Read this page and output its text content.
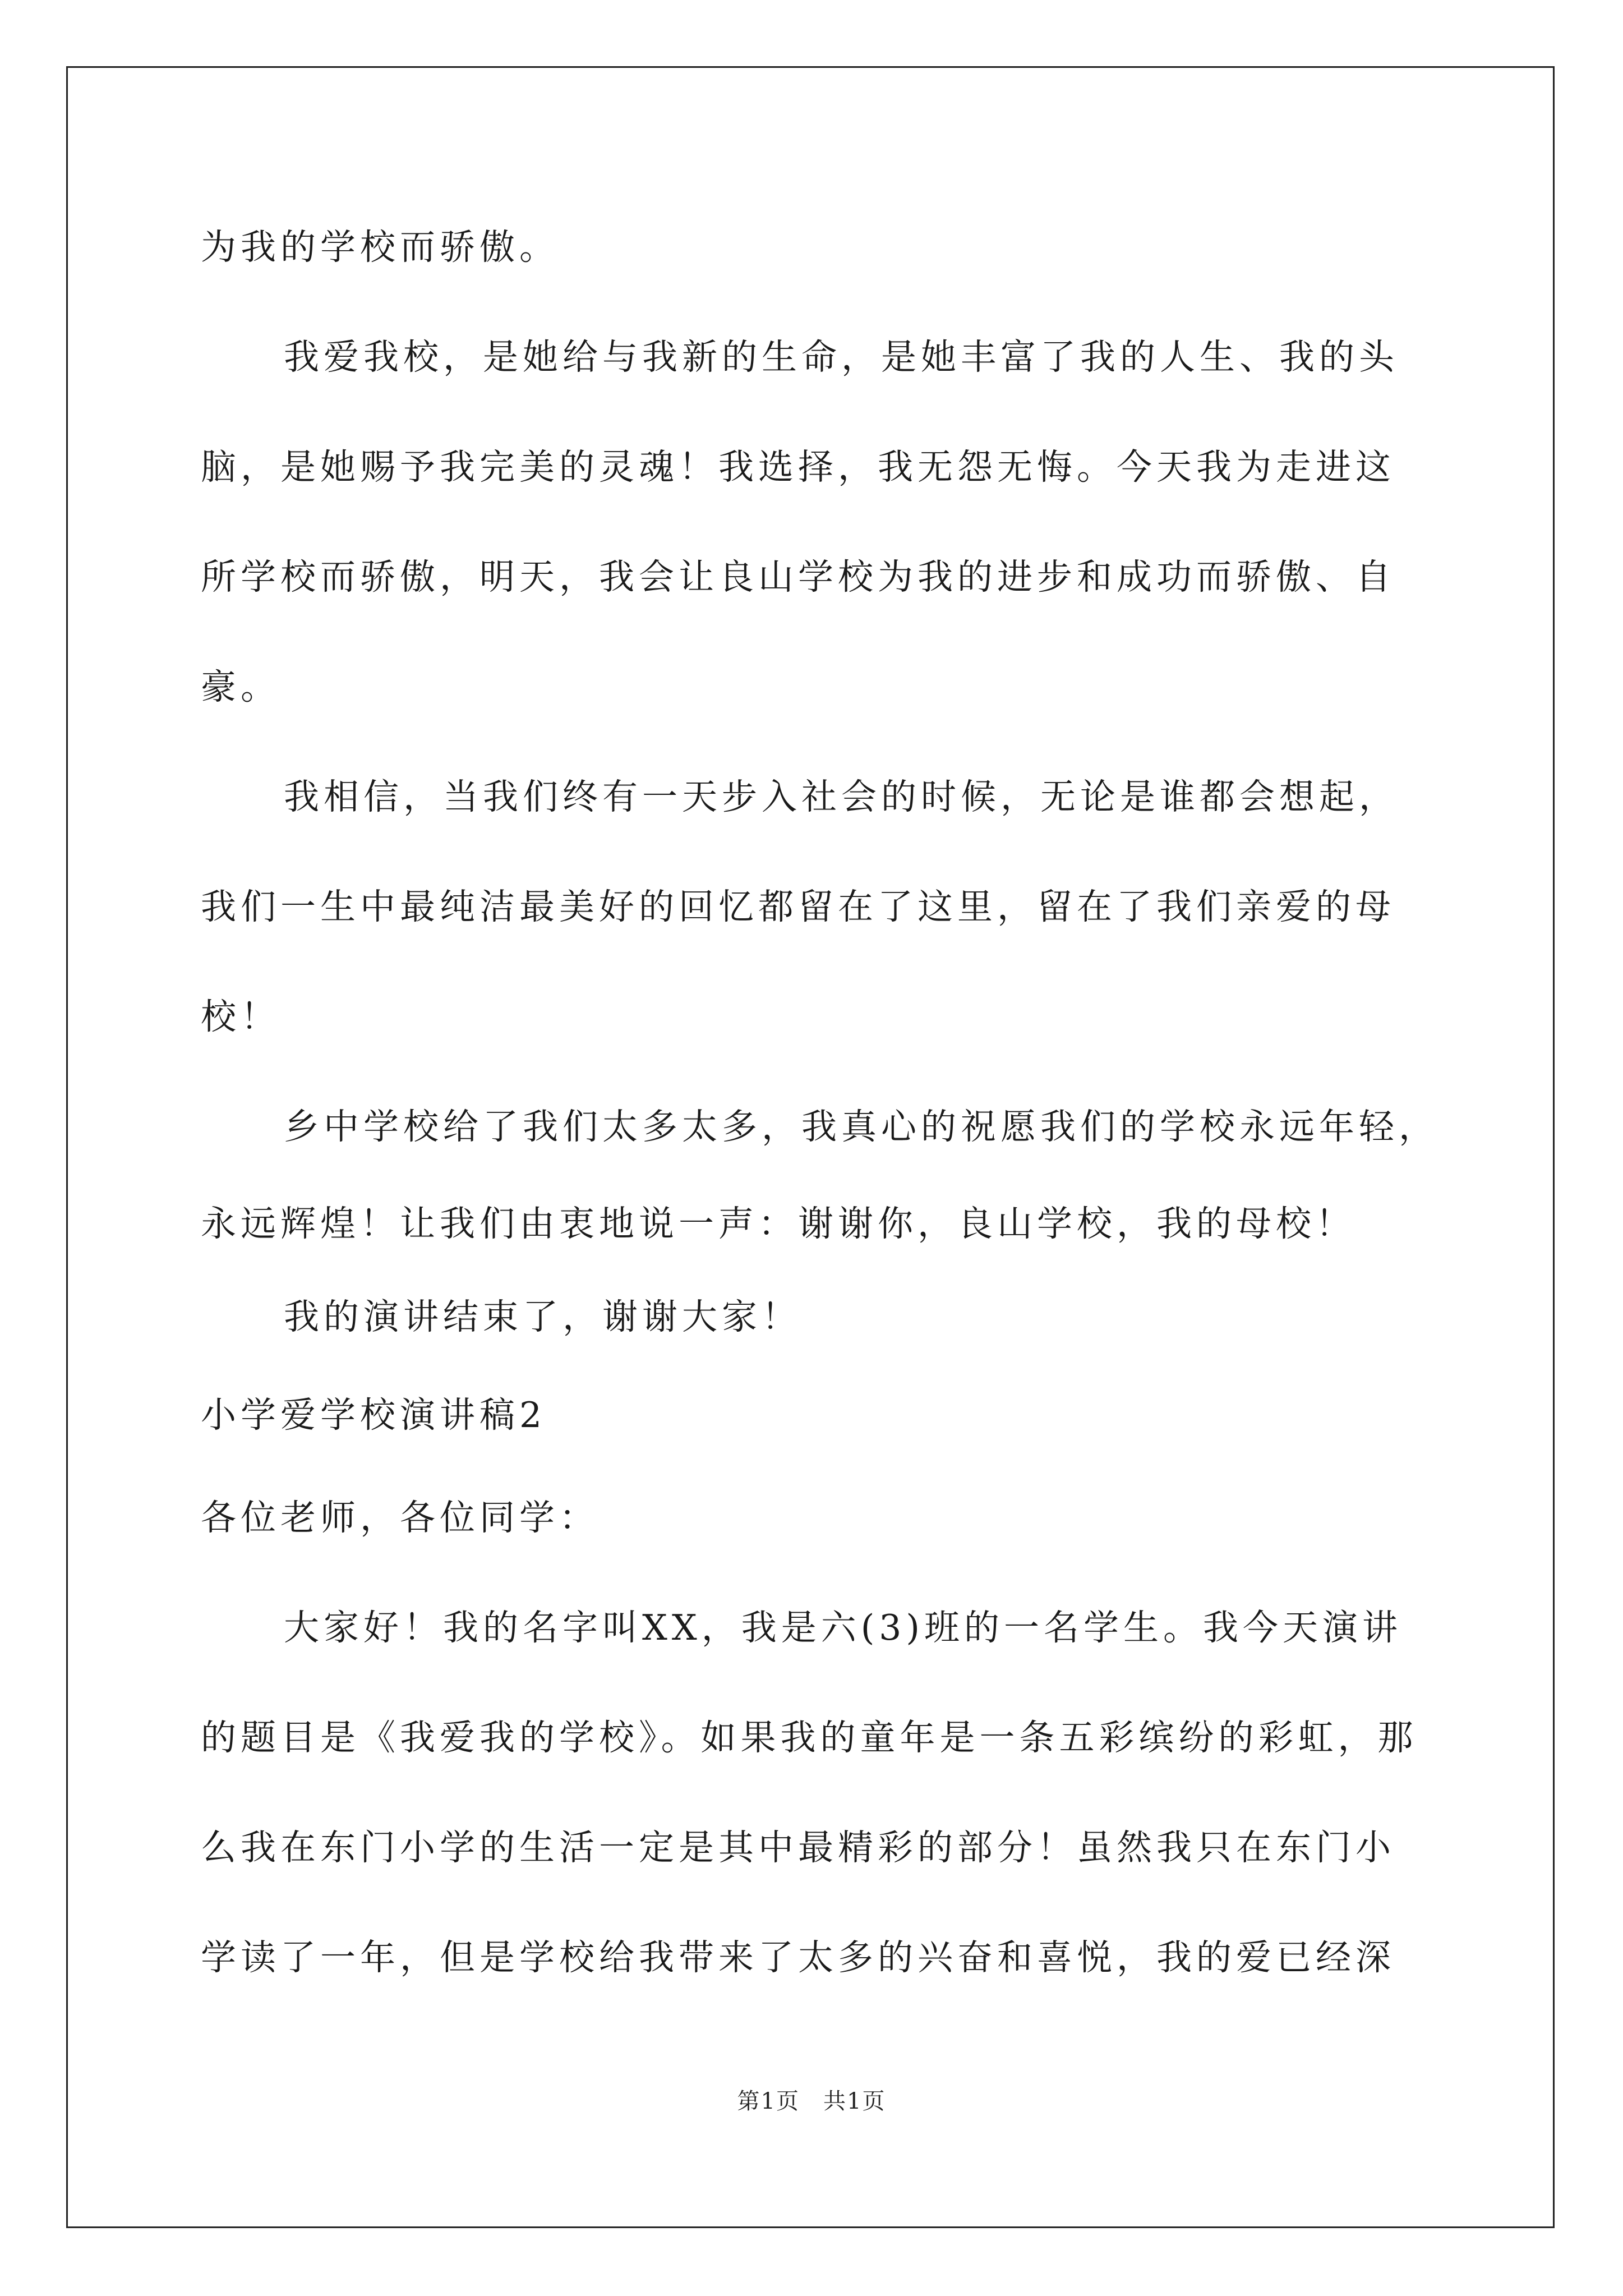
为我的学校而骄傲。
我爱我校，是她给与我新的生命，是她丰富了我的人生、我的头
脑，是她赐予我完美的灵魂！我选择，我无怨无悔。今天我为走进这
所学校而骄傲，明天，我会让良山学校为我的进步和成功而骄傲、自
豪。
我相信，当我们终有一天步入社会的时候，无论是谁都会想起，
我们一生中最纯洁最美好的回忆都留在了这里，留在了我们亲爱的母
校！
乡中学校给了我们太多太多，我真心的祝愿我们的学校永远年轻，
永远辉煌！让我们由衷地说一声：谢谢你，良山学校，我的母校！
我的演讲结束了，谢谢大家！
小学爱学校演讲稿2
各位老师，各位同学：
大家好！我的名字叫XX，我是六(3)班的一名学生。我今天演讲
的题目是《我爱我的学校》。如果我的童年是一条五彩缤纷的彩虹，那
么我在东门小学的生活一定是其中最精彩的部分！虽然我只在东门小
学读了一年，但是学校给我带来了太多的兴奋和喜悦，我的爱已经深
第1页　共1页
